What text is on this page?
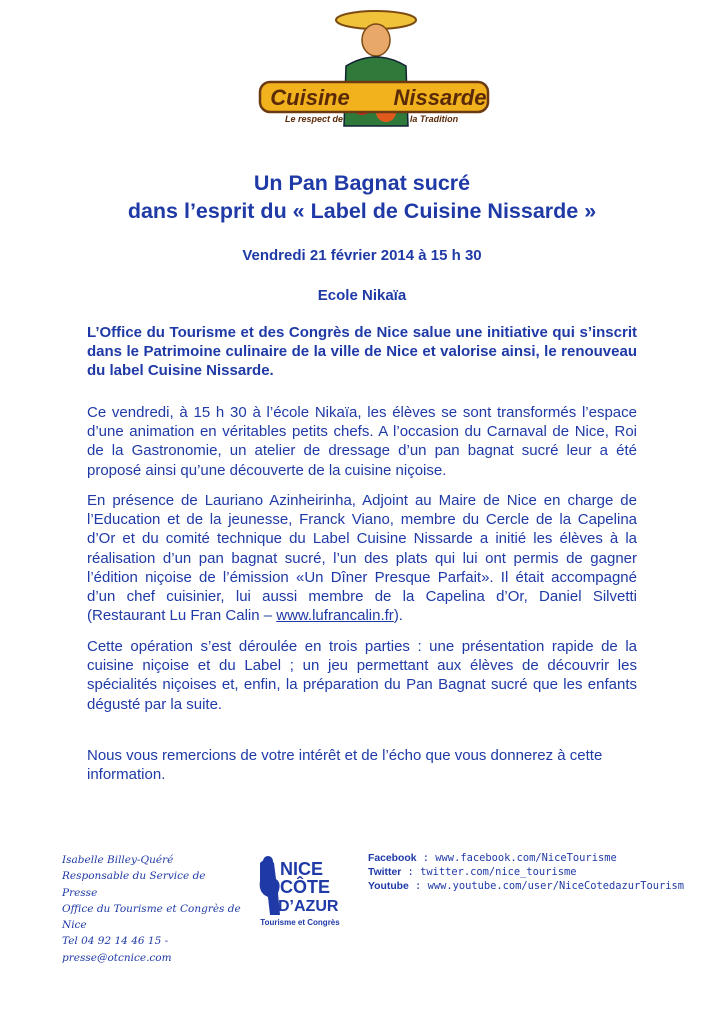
Cuisine Nissarde
Le respect de	la Tradition
Un Pan Bagnat sucré
dans l’esprit du « Label de Cuisine Nissarde »
Vendredi 21 février 2014 à 15 h 30
Ecole Nikaïa
L’Office du Tourisme et des Congrès de Nice salue une initiative qui s’inscrit dans le Patrimoine culinaire de la ville de Nice et valorise ainsi, le renouveau du label Cuisine Nissarde.
Ce vendredi, à 15 h 30 à l’école Nikaïa, les élèves se sont transformés l’espace d’une animation en véritables petits chefs. A l’occasion du Carnaval de Nice, Roi de la Gastronomie, un atelier de dressage d’un pan bagnat sucré leur a été proposé ainsi qu’une découverte de la cuisine niçoise.
En présence de Lauriano Azinheirinha, Adjoint au Maire de Nice en charge de l’Education et de la jeunesse, Franck Viano, membre du Cercle de la Capelina d’Or et du comité technique du Label Cuisine Nissarde a initié les élèves à la réalisation d’un pan bagnat sucré, l’un des plats qui lui ont permis de gagner l’édition niçoise de l’émission «Un Dîner Presque Parfait». Il était accompagné d’un chef cuisinier, lui aussi membre de la Capelina d’Or, Daniel Silvetti (Restaurant Lu Fran Calin – www.lufrancalin.fr).
Cette opération s’est déroulée en trois parties : une présentation rapide de la cuisine niçoise et du Label ; un jeu permettant aux élèves de découvrir les spécialités niçoises et, enfin, la préparation du Pan Bagnat sucré que les enfants dégusté par la suite.
Nous vous remercions de votre intérêt et de l’écho que vous donnerez à cette information.
Isabelle Billey-Quéré
Responsable du Service de Presse
Office du Tourisme et Congrès de Nice
Tel 04 92 14 46 15 -
presse@otcnice.com
NICE
CÔTE
D’AZUR
Tourisme et Congrès
Facebook : www.facebook.com/NiceTourisme
Twitter : twitter.com/nice_tourisme
Youtube : www.youtube.com/user/NiceCotedazurTourism
